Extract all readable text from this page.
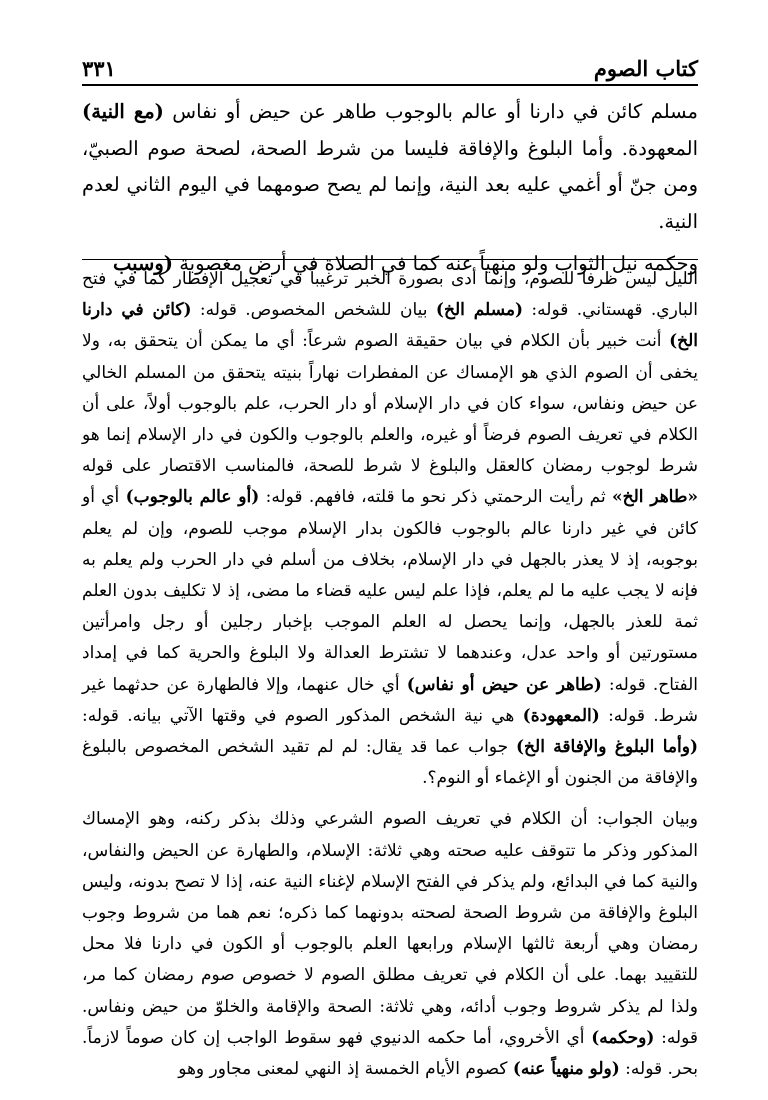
٣٣١	كتاب الصوم

مسلم كائن في دارنا أو عالم بالوجوب طاهر عن حيض أو نفاس (مع النية) المعهودة. وأما البلوغ والإفاقة فليسا من شرط الصحة، لصحة صوم الصبيّ، ومن جنّ أو أغمي عليه بعد النية، وإنما لم يصح صومهما في اليوم الثاني لعدم النية.

وحكمه نيل الثواب ولو منهياً عنه كما في الصلاة في أرض مغصوبة (وسبب

الليل ليس ظرفاً للصوم، وإنما أدى بصورة الخبر ترغيباً في تعجيل الإفطار كما في فتح الباري. قهستاني. قوله: (مسلم الخ) بيان للشخص المخصوص. قوله: (كائن في دارنا الخ) أنت خبير بأن الكلام في بيان حقيقة الصوم شرعاً: أي ما يمكن أن يتحقق به، ولا يخفى أن الصوم الذي هو الإمساك عن المفطرات نهاراً بنيته يتحقق من المسلم الخالي عن حيض ونفاس، سواء كان في دار الإسلام أو دار الحرب، علم بالوجوب أولاً، على أن الكلام في تعريف الصوم فرضاً أو غيره، والعلم بالوجوب والكون في دار الإسلام إنما هو شرط لوجوب رمضان كالعقل والبلوغ لا شرط للصحة، فالمناسب الاقتصار على قوله «طاهر الخ» ثم رأيت الرحمتي ذكر نحو ما قلته، فافهم. قوله: (أو عالم بالوجوب) أي أو كائن في غير دارنا عالم بالوجوب فالكون بدار الإسلام موجب للصوم، وإن لم يعلم بوجوبه، إذ لا يعذر بالجهل في دار الإسلام، بخلاف من أسلم في دار الحرب ولم يعلم به فإنه لا يجب عليه ما لم يعلم، فإذا علم ليس عليه قضاء ما مضى، إذ لا تكليف بدون العلم ثمة للعذر بالجهل، وإنما يحصل له العلم الموجب بإخبار رجلين أو رجل وامرأتين مستورتين أو واحد عدل، وعندهما لا تشترط العدالة ولا البلوغ والحرية كما في إمداد الفتاح. قوله: (طاهر عن حيض أو نفاس) أي خال عنهما، وإلا فالطهارة عن حدثهما غير شرط. قوله: (المعهودة) هي نية الشخص المذكور الصوم في وقتها الآتي بيانه. قوله: (وأما البلوغ والإفاقة الخ) جواب عما قد يقال: لم لم تقيد الشخص المخصوص بالبلوغ والإفاقة من الجنون أو الإغماء أو النوم؟.

وبيان الجواب: أن الكلام في تعريف الصوم الشرعي وذلك بذكر ركنه، وهو الإمساك المذكور وذكر ما تتوقف عليه صحته وهي ثلاثة: الإسلام، والطهارة عن الحيض والنفاس، والنية كما في البدائع، ولم يذكر في الفتح الإسلام لإغناء النية عنه، إذا لا تصح بدونه، وليس البلوغ والإفاقة من شروط الصحة لصحته بدونهما كما ذكره؛ نعم هما من شروط وجوب رمضان وهي أربعة ثالثها الإسلام ورابعها العلم بالوجوب أو الكون في دارنا فلا محل للتقييد بهما. على أن الكلام في تعريف مطلق الصوم لا خصوص صوم رمضان كما مر، ولذا لم يذكر شروط وجوب أدائه، وهي ثلاثة: الصحة والإقامة والخلوّ من حيض ونفاس. قوله: (وحكمه) أي الأخروي، أما حكمه الدنيوي فهو سقوط الواجب إن كان صوماً لازماً. بحر. قوله: (ولو منهياً عنه) كصوم الأيام الخمسة إذ النهي لمعنى مجاور وهو
